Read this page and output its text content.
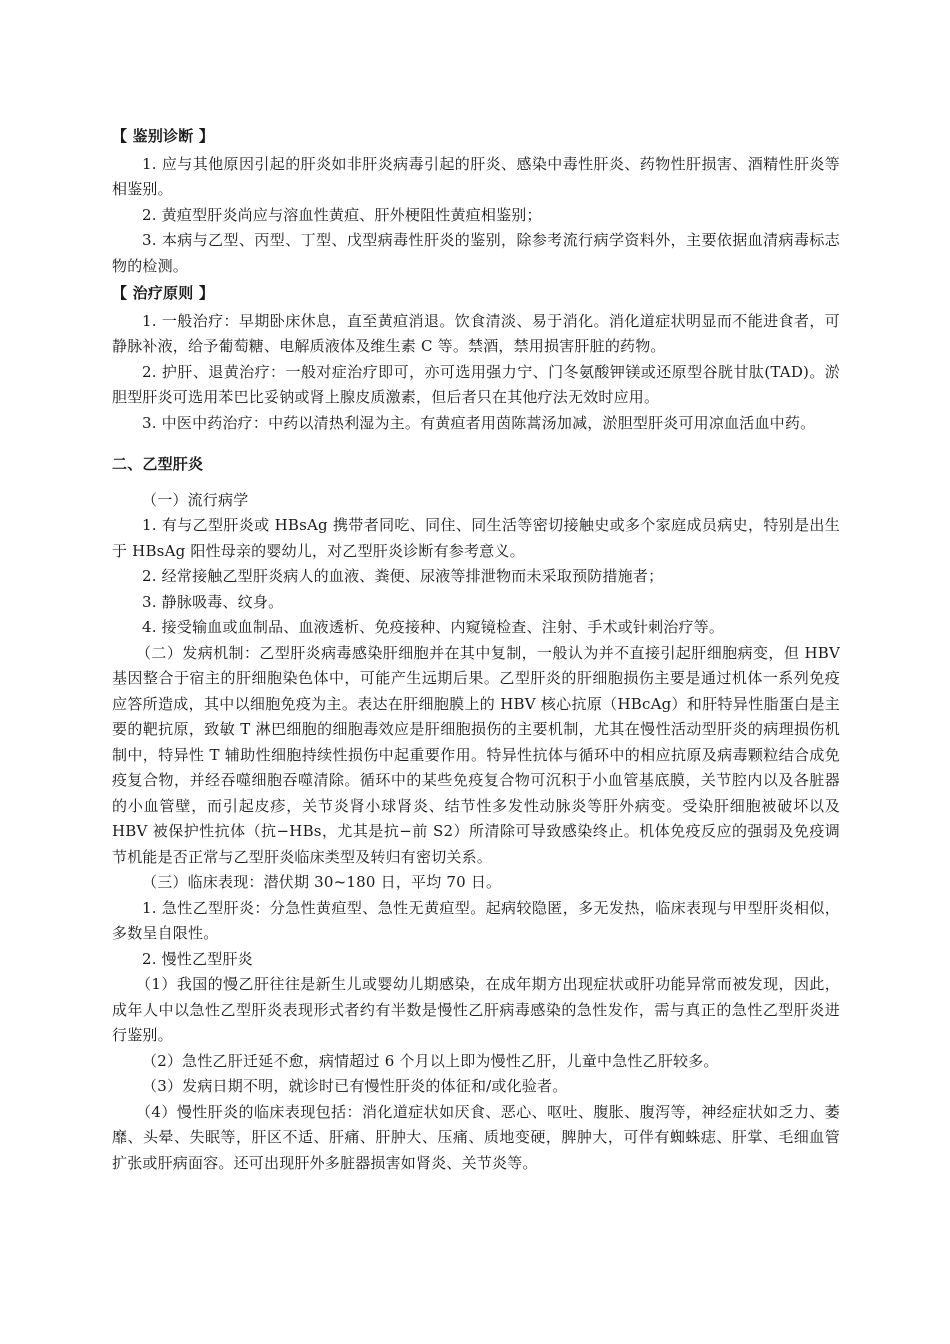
【 鉴别诊断 】

1. 应与其他原因引起的肝炎如非肝炎病毒引起的肝炎、感染中毒性肝炎、药物性肝损害、酒精性肝炎等相鉴别。

2. 黄疸型肝炎尚应与溶血性黄疸、肝外梗阻性黄疸相鉴别；

3. 本病与乙型、丙型、丁型、戊型病毒性肝炎的鉴别，除参考流行病学资料外，主要依据血清病毒标志物的检测。

【 治疗原则 】

1. 一般治疗：早期卧床休息，直至黄疸消退。饮食清淡、易于消化。消化道症状明显而不能进食者，可静脉补液，给予葡萄糖、电解质液体及维生素 C 等。禁酒，禁用损害肝脏的药物。

2. 护肝、退黄治疗：一般对症治疗即可，亦可选用强力宁、门冬氨酸钾镁或还原型谷胱甘肽(TAD)。淤胆型肝炎可选用苯巴比妥钠或肾上腺皮质激素，但后者只在其他疗法无效时应用。

3. 中医中药治疗：中药以清热利湿为主。有黄疸者用茵陈蒿汤加减，淤胆型肝炎可用凉血活血中药。

二、乙型肝炎

（一）流行病学

1. 有与乙型肝炎或 HBsAg 携带者同吃、同住、同生活等密切接触史或多个家庭成员病史，特别是出生于 HBsAg 阳性母亲的婴幼儿，对乙型肝炎诊断有参考意义。

2. 经常接触乙型肝炎病人的血液、粪便、尿液等排泄物而未采取预防措施者；

3. 静脉吸毒、纹身。

4. 接受输血或血制品、血液透析、免疫接种、内窥镜检查、注射、手术或针刺治疗等。

（二）发病机制：乙型肝炎病毒感染肝细胞并在其中复制，一般认为并不直接引起肝细胞病变，但 HBV 基因整合于宿主的肝细胞染色体中，可能产生远期后果。乙型肝炎的肝细胞损伤主要是通过机体一系列免疫应答所造成，其中以细胞免疫为主。表达在肝细胞膜上的 HBV 核心抗原（HBcAg）和肝特异性脂蛋白是主要的靶抗原，致敏 T 淋巴细胞的细胞毒效应是肝细胞损伤的主要机制，尤其在慢性活动型肝炎的病理损伤机制中，特异性 T 辅助性细胞持续性损伤中起重要作用。特异性抗体与循环中的相应抗原及病毒颗粒结合成免疫复合物，并经吞噬细胞吞噬清除。循环中的某些免疫复合物可沉积于小血管基底膜，关节腔内以及各脏器的小血管壁，而引起皮疹，关节炎肾小球肾炎、结节性多发性动脉炎等肝外病变。受染肝细胞被破坏以及 HBV 被保护性抗体（抗−HBs，尤其是抗−前 S2）所清除可导致感染终止。机体免疫反应的强弱及免疫调节机能是否正常与乙型肝炎临床类型及转归有密切关系。

（三）临床表现：潜伏期 30~180 日，平均 70 日。

1. 急性乙型肝炎：分急性黄疸型、急性无黄疸型。起病较隐匿，多无发热，临床表现与甲型肝炎相似，多数呈自限性。

2. 慢性乙型肝炎

（1）我国的慢乙肝往往是新生儿或婴幼儿期感染，在成年期方出现症状或肝功能异常而被发现，因此，成年人中以急性乙型肝炎表现形式者约有半数是慢性乙肝病毒感染的急性发作，需与真正的急性乙型肝炎进行鉴别。

（2）急性乙肝迁延不愈，病情超过 6 个月以上即为慢性乙肝，儿童中急性乙肝较多。

（3）发病日期不明，就诊时已有慢性肝炎的体征和/或化验者。

（4）慢性肝炎的临床表现包括：消化道症状如厌食、恶心、呕吐、腹胀、腹泻等，神经症状如乏力、萎靡、头晕、失眠等，肝区不适、肝痛、肝肿大、压痛、质地变硬，脾肿大，可伴有蜘蛛痣、肝掌、毛细血管扩张或肝病面容。还可出现肝外多脏器损害如肾炎、关节炎等。
